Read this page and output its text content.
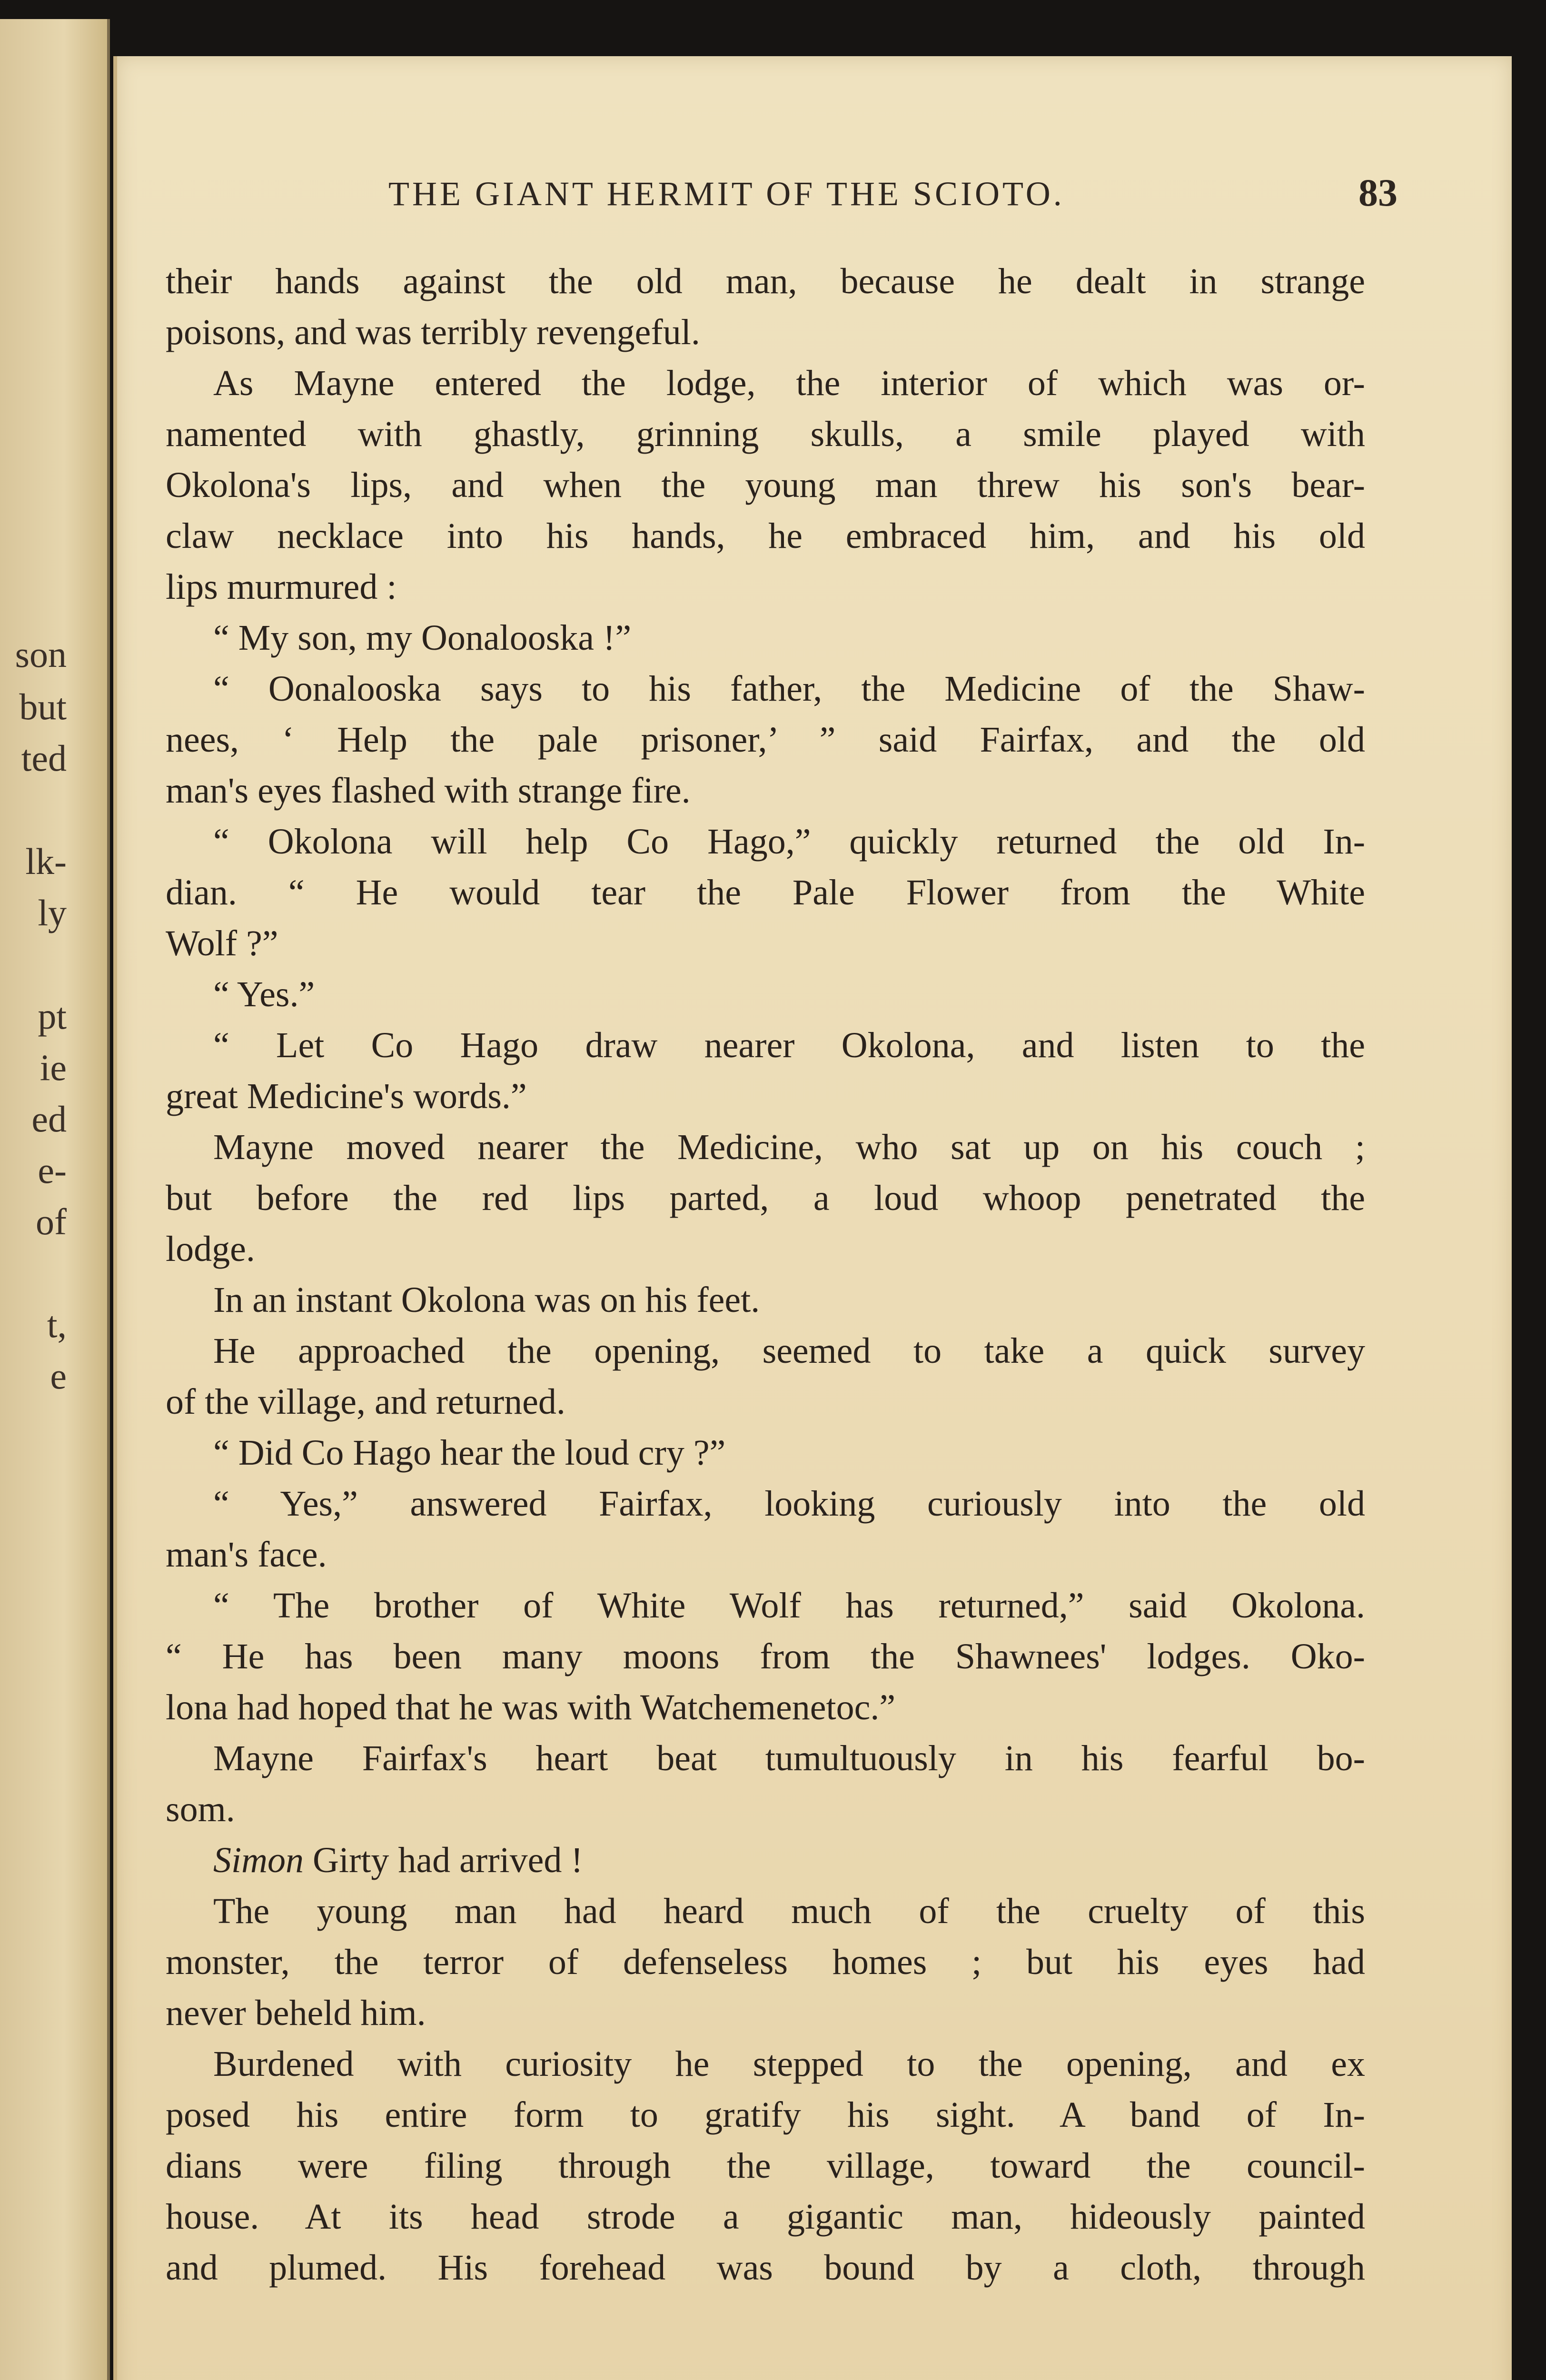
son
but
ted
lk-
ly
pt
ie
ed
e-
of
t,
e
THE GIANT HERMIT OF THE SCIOTO.	83
their hands against the old man, because he dealt in strange
poisons, and was terribly revengeful.
As Mayne entered the lodge, the interior of which was or-
namented with ghastly, grinning skulls, a smile played with
Okolona's lips, and when the young man threw his son's bear-
claw necklace into his hands, he embraced him, and his old
lips murmured :
“ My son, my Oonalooska !”
“ Oonalooska says to his father, the Medicine of the Shaw-
nees, ‘ Help the pale prisoner,’ ” said Fairfax, and the old
man's eyes flashed with strange fire.
“ Okolona will help Co Hago,” quickly returned the old In-
dian. “ He would tear the Pale Flower from the White
Wolf ?”
“ Yes.”
“ Let Co Hago draw nearer Okolona, and listen to the
great Medicine's words.”
Mayne moved nearer the Medicine, who sat up on his couch ;
but before the red lips parted, a loud whoop penetrated the
lodge.
In an instant Okolona was on his feet.
He approached the opening, seemed to take a quick survey
of the village, and returned.
“ Did Co Hago hear the loud cry ?”
“ Yes,” answered Fairfax, looking curiously into the old
man's face.
“ The brother of White Wolf has returned,” said Okolona.
“ He has been many moons from the Shawnees' lodges. Oko-
lona had hoped that he was with Watchemenetoc.”
Mayne Fairfax's heart beat tumultuously in his fearful bo-
som.
Simon Girty had arrived !
The young man had heard much of the cruelty of this
monster, the terror of defenseless homes ; but his eyes had
never beheld him.
Burdened with curiosity he stepped to the opening, and ex
posed his entire form to gratify his sight. A band of In-
dians were filing through the village, toward the council-
house. At its head strode a gigantic man, hideously painted
and plumed. His forehead was bound by a cloth, through
